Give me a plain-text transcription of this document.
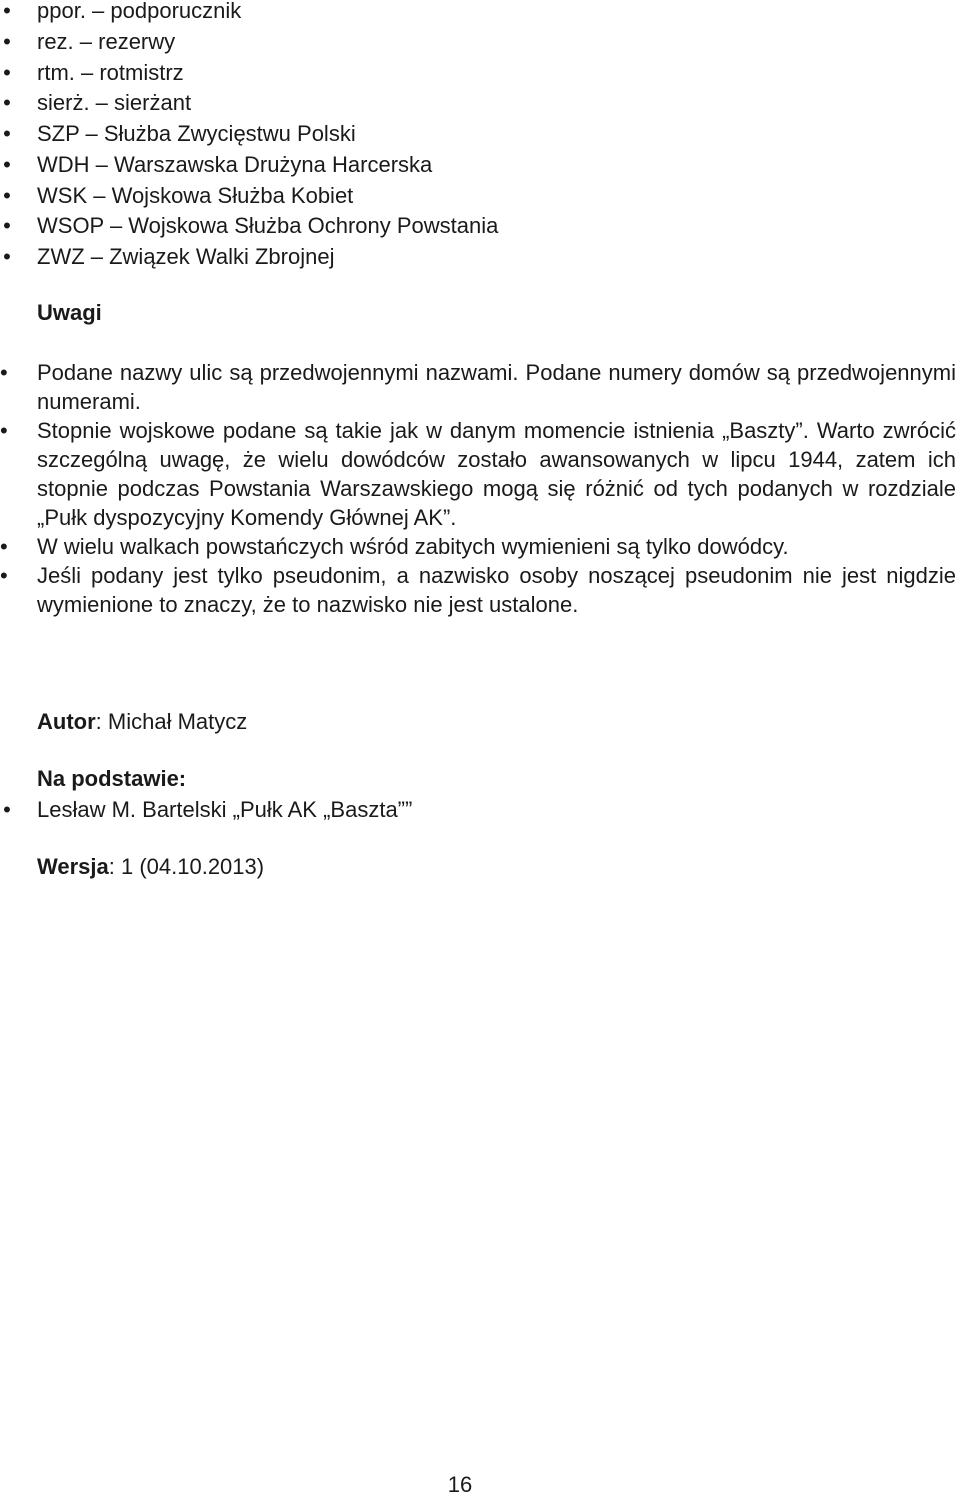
• ppor. – podporucznik
• rez. – rezerwy
• rtm. – rotmistrz
• sierż. – sierżant
• SZP – Służba Zwycięstwu Polski
• WDH – Warszawska Drużyna Harcerska
• WSK – Wojskowa Służba Kobiet
• WSOP – Wojskowa Służba Ochrony Powstania
• ZWZ – Związek Walki Zbrojnej
Uwagi
• Podane nazwy ulic są przedwojennymi nazwami. Podane numery domów są przedwojennymi numerami.
• Stopnie wojskowe podane są takie jak w danym momencie istnienia „Baszty”. Warto zwrócić szczególną uwagę, że wielu dowódców zostało awansowanych w lipcu 1944, zatem ich stopnie podczas Powstania Warszawskiego mogą się różnić od tych podanych w rozdziale „Pułk dyspozycyjny Komendy Głównej AK”.
• W wielu walkach powstańczych wśród zabitych wymienieni są tylko dowódcy.
• Jeśli podany jest tylko pseudonim, a nazwisko osoby noszącej pseudonim nie jest nigdzie wymienione to znaczy, że to nazwisko nie jest ustalone.

Autor: Michał Matycz

Na podstawie:

• Lesław M. Bartelski „Pułk AK „Baszta””

Wersja: 1 (04.10.2013)

16
